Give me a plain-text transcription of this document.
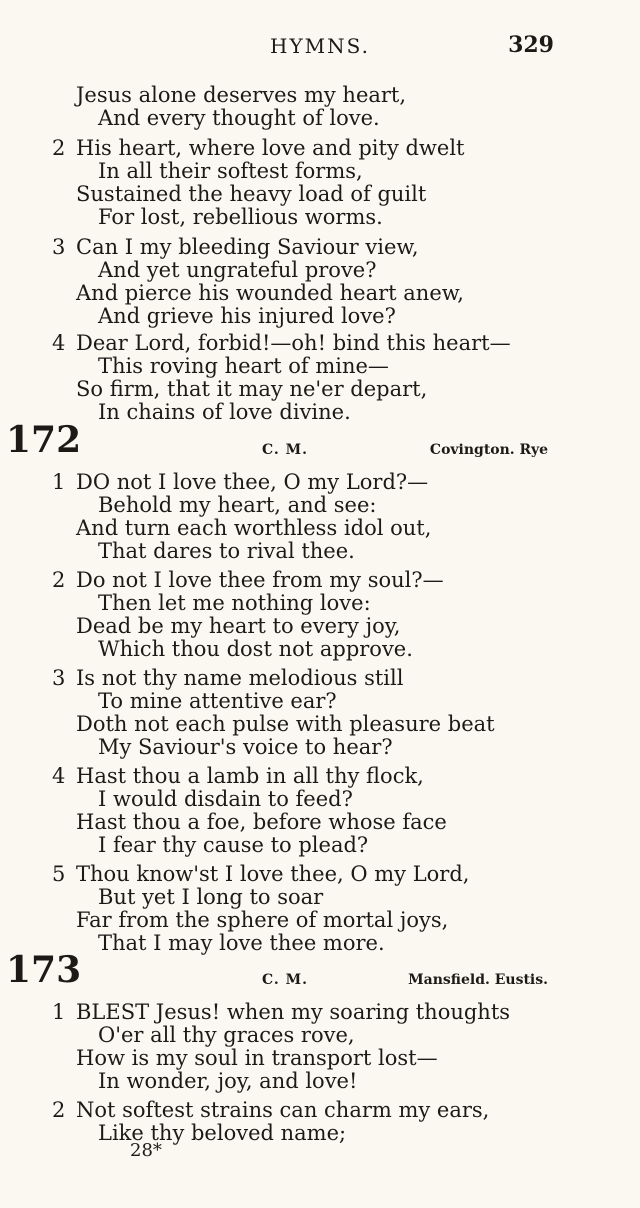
HYMNS.	329
Jesus alone deserves my heart,
And every thought of love.
2 His heart, where love and pity dwelt
In all their softest forms,
Sustained the heavy load of guilt
For lost, rebellious worms.
3 Can I my bleeding Saviour view,
And yet ungrateful prove?
And pierce his wounded heart anew,
And grieve his injured love?
4 Dear Lord, forbid!—oh! bind this heart—
This roving heart of mine—
So firm, that it may ne'er depart,
In chains of love divine.
172	C. M.	Covington. Rye
1 DO not I love thee, O my Lord?—
Behold my heart, and see:
And turn each worthless idol out,
That dares to rival thee.
2 Do not I love thee from my soul?—
Then let me nothing love:
Dead be my heart to every joy,
Which thou dost not approve.
3 Is not thy name melodious still
To mine attentive ear?
Doth not each pulse with pleasure beat
My Saviour's voice to hear?
4 Hast thou a lamb in all thy flock,
I would disdain to feed?
Hast thou a foe, before whose face
I fear thy cause to plead?
5 Thou know'st I love thee, O my Lord,
But yet I long to soar
Far from the sphere of mortal joys,
That I may love thee more.
173	C. M.	Mansfield. Eustis.
1 BLEST Jesus! when my soaring thoughts
O'er all thy graces rove,
How is my soul in transport lost—
In wonder, joy, and love!
2 Not softest strains can charm my ears,
Like thy beloved name;
28*
